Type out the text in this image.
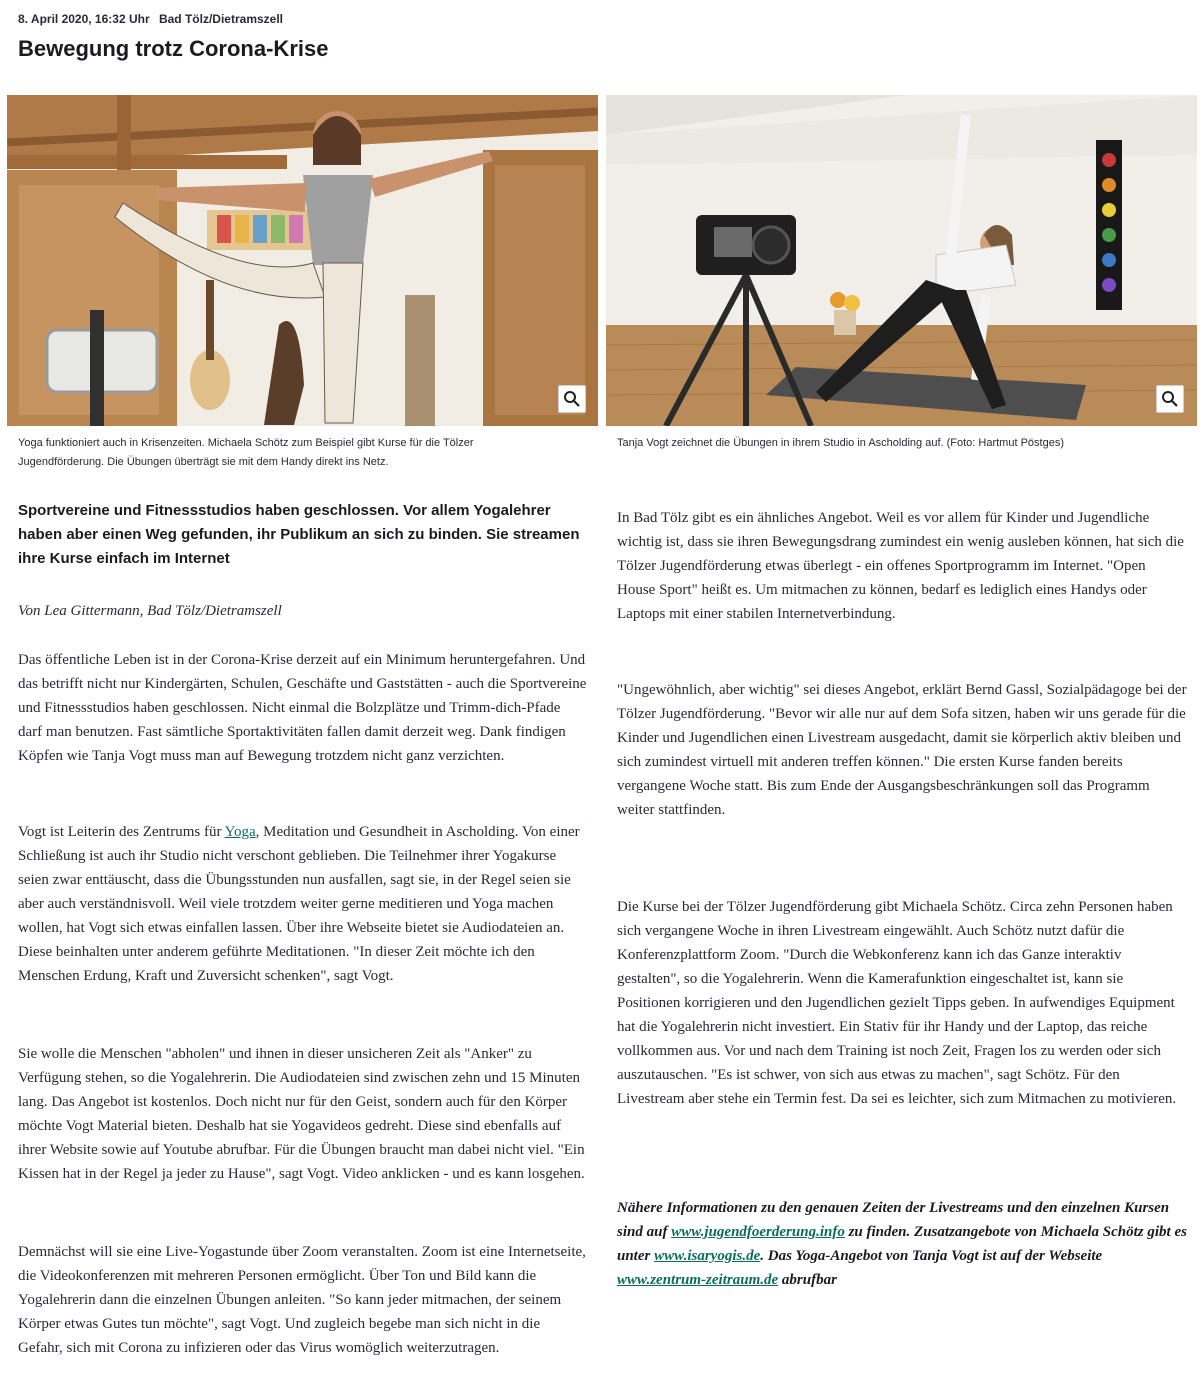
8. April 2020, 16:32 Uhr Bad Tölz/Dietramszell
Bewegung trotz Corona-Krise
Yoga funktioniert auch in Krisenzeiten. Michaela Schötz zum Beispiel gibt Kurse für die Tölzer Jugendförderung. Die Übungen überträgt sie mit dem Handy direkt ins Netz.
Tanja Vogt zeichnet die Übungen in ihrem Studio in Ascholding auf. (Foto: Hartmut Pöstges)

Sportvereine und Fitnessstudios haben geschlossen. Vor allem Yogalehrer haben aber einen Weg gefunden, ihr Publikum an sich zu binden. Sie streamen ihre Kurse einfach im Internet

Von Lea Gittermann, Bad Tölz/Dietramszell

Das öffentliche Leben ist in der Corona-Krise derzeit auf ein Minimum heruntergefahren. Und das betrifft nicht nur Kindergärten, Schulen, Geschäfte und Gaststätten - auch die Sportvereine und Fitnessstudios haben geschlossen. Nicht einmal die Bolzplätze und Trimm-dich-Pfade darf man benutzen. Fast sämtliche Sportaktivitäten fallen damit derzeit weg. Dank findigen Köpfen wie Tanja Vogt muss man auf Bewegung trotzdem nicht ganz verzichten.

Vogt ist Leiterin des Zentrums für Yoga, Meditation und Gesundheit in Ascholding. Von einer Schließung ist auch ihr Studio nicht verschont geblieben. Die Teilnehmer ihrer Yogakurse seien zwar enttäuscht, dass die Übungsstunden nun ausfallen, sagt sie, in der Regel seien sie aber auch verständnisvoll. Weil viele trotzdem weiter gerne meditieren und Yoga machen wollen, hat Vogt sich etwas einfallen lassen. Über ihre Webseite bietet sie Audiodateien an. Diese beinhalten unter anderem geführte Meditationen. "In dieser Zeit möchte ich den Menschen Erdung, Kraft und Zuversicht schenken", sagt Vogt.

Sie wolle die Menschen "abholen" und ihnen in dieser unsicheren Zeit als "Anker" zu Verfügung stehen, so die Yogalehrerin. Die Audiodateien sind zwischen zehn und 15 Minuten lang. Das Angebot ist kostenlos. Doch nicht nur für den Geist, sondern auch für den Körper möchte Vogt Material bieten. Deshalb hat sie Yogavideos gedreht. Diese sind ebenfalls auf ihrer Website sowie auf Youtube abrufbar. Für die Übungen braucht man dabei nicht viel. "Ein Kissen hat in der Regel ja jeder zu Hause", sagt Vogt. Video anklicken - und es kann losgehen.

Demnächst will sie eine Live-Yogastunde über Zoom veranstalten. Zoom ist eine Internetseite, die Videokonferenzen mit mehreren Personen ermöglicht. Über Ton und Bild kann die Yogalehrerin dann die einzelnen Übungen anleiten. "So kann jeder mitmachen, der seinem Körper etwas Gutes tun möchte", sagt Vogt. Und zugleich begebe man sich nicht in die Gefahr, sich mit Corona zu infizieren oder das Virus womöglich weiterzutragen.

In Bad Tölz gibt es ein ähnliches Angebot. Weil es vor allem für Kinder und Jugendliche wichtig ist, dass sie ihren Bewegungsdrang zumindest ein wenig ausleben können, hat sich die Tölzer Jugendförderung etwas überlegt - ein offenes Sportprogramm im Internet. "Open House Sport" heißt es. Um mitmachen zu können, bedarf es lediglich eines Handys oder Laptops mit einer stabilen Internetverbindung.

"Ungewöhnlich, aber wichtig" sei dieses Angebot, erklärt Bernd Gassl, Sozialpädagoge bei der Tölzer Jugendförderung. "Bevor wir alle nur auf dem Sofa sitzen, haben wir uns gerade für die Kinder und Jugendlichen einen Livestream ausgedacht, damit sie körperlich aktiv bleiben und sich zumindest virtuell mit anderen treffen können." Die ersten Kurse fanden bereits vergangene Woche statt. Bis zum Ende der Ausgangsbeschränkungen soll das Programm weiter stattfinden.

Die Kurse bei der Tölzer Jugendförderung gibt Michaela Schötz. Circa zehn Personen haben sich vergangene Woche in ihren Livestream eingewählt. Auch Schötz nutzt dafür die Konferenzplattform Zoom. "Durch die Webkonferenz kann ich das Ganze interaktiv gestalten", so die Yogalehrerin. Wenn die Kamerafunktion eingeschaltet ist, kann sie Positionen korrigieren und den Jugendlichen gezielt Tipps geben. In aufwendiges Equipment hat die Yogalehrerin nicht investiert. Ein Stativ für ihr Handy und der Laptop, das reiche vollkommen aus. Vor und nach dem Training ist noch Zeit, Fragen los zu werden oder sich auszutauschen. "Es ist schwer, von sich aus etwas zu machen", sagt Schötz. Für den Livestream aber stehe ein Termin fest. Da sei es leichter, sich zum Mitmachen zu motivieren.

Nähere Informationen zu den genauen Zeiten der Livestreams und den einzelnen Kursen sind auf www.jugendfoerderung.info zu finden. Zusatzangebote von Michaela Schötz gibt es unter www.isaryogis.de. Das Yoga-Angebot von Tanja Vogt ist auf der Webseite www.zentrum-zeitraum.de abrufbar
